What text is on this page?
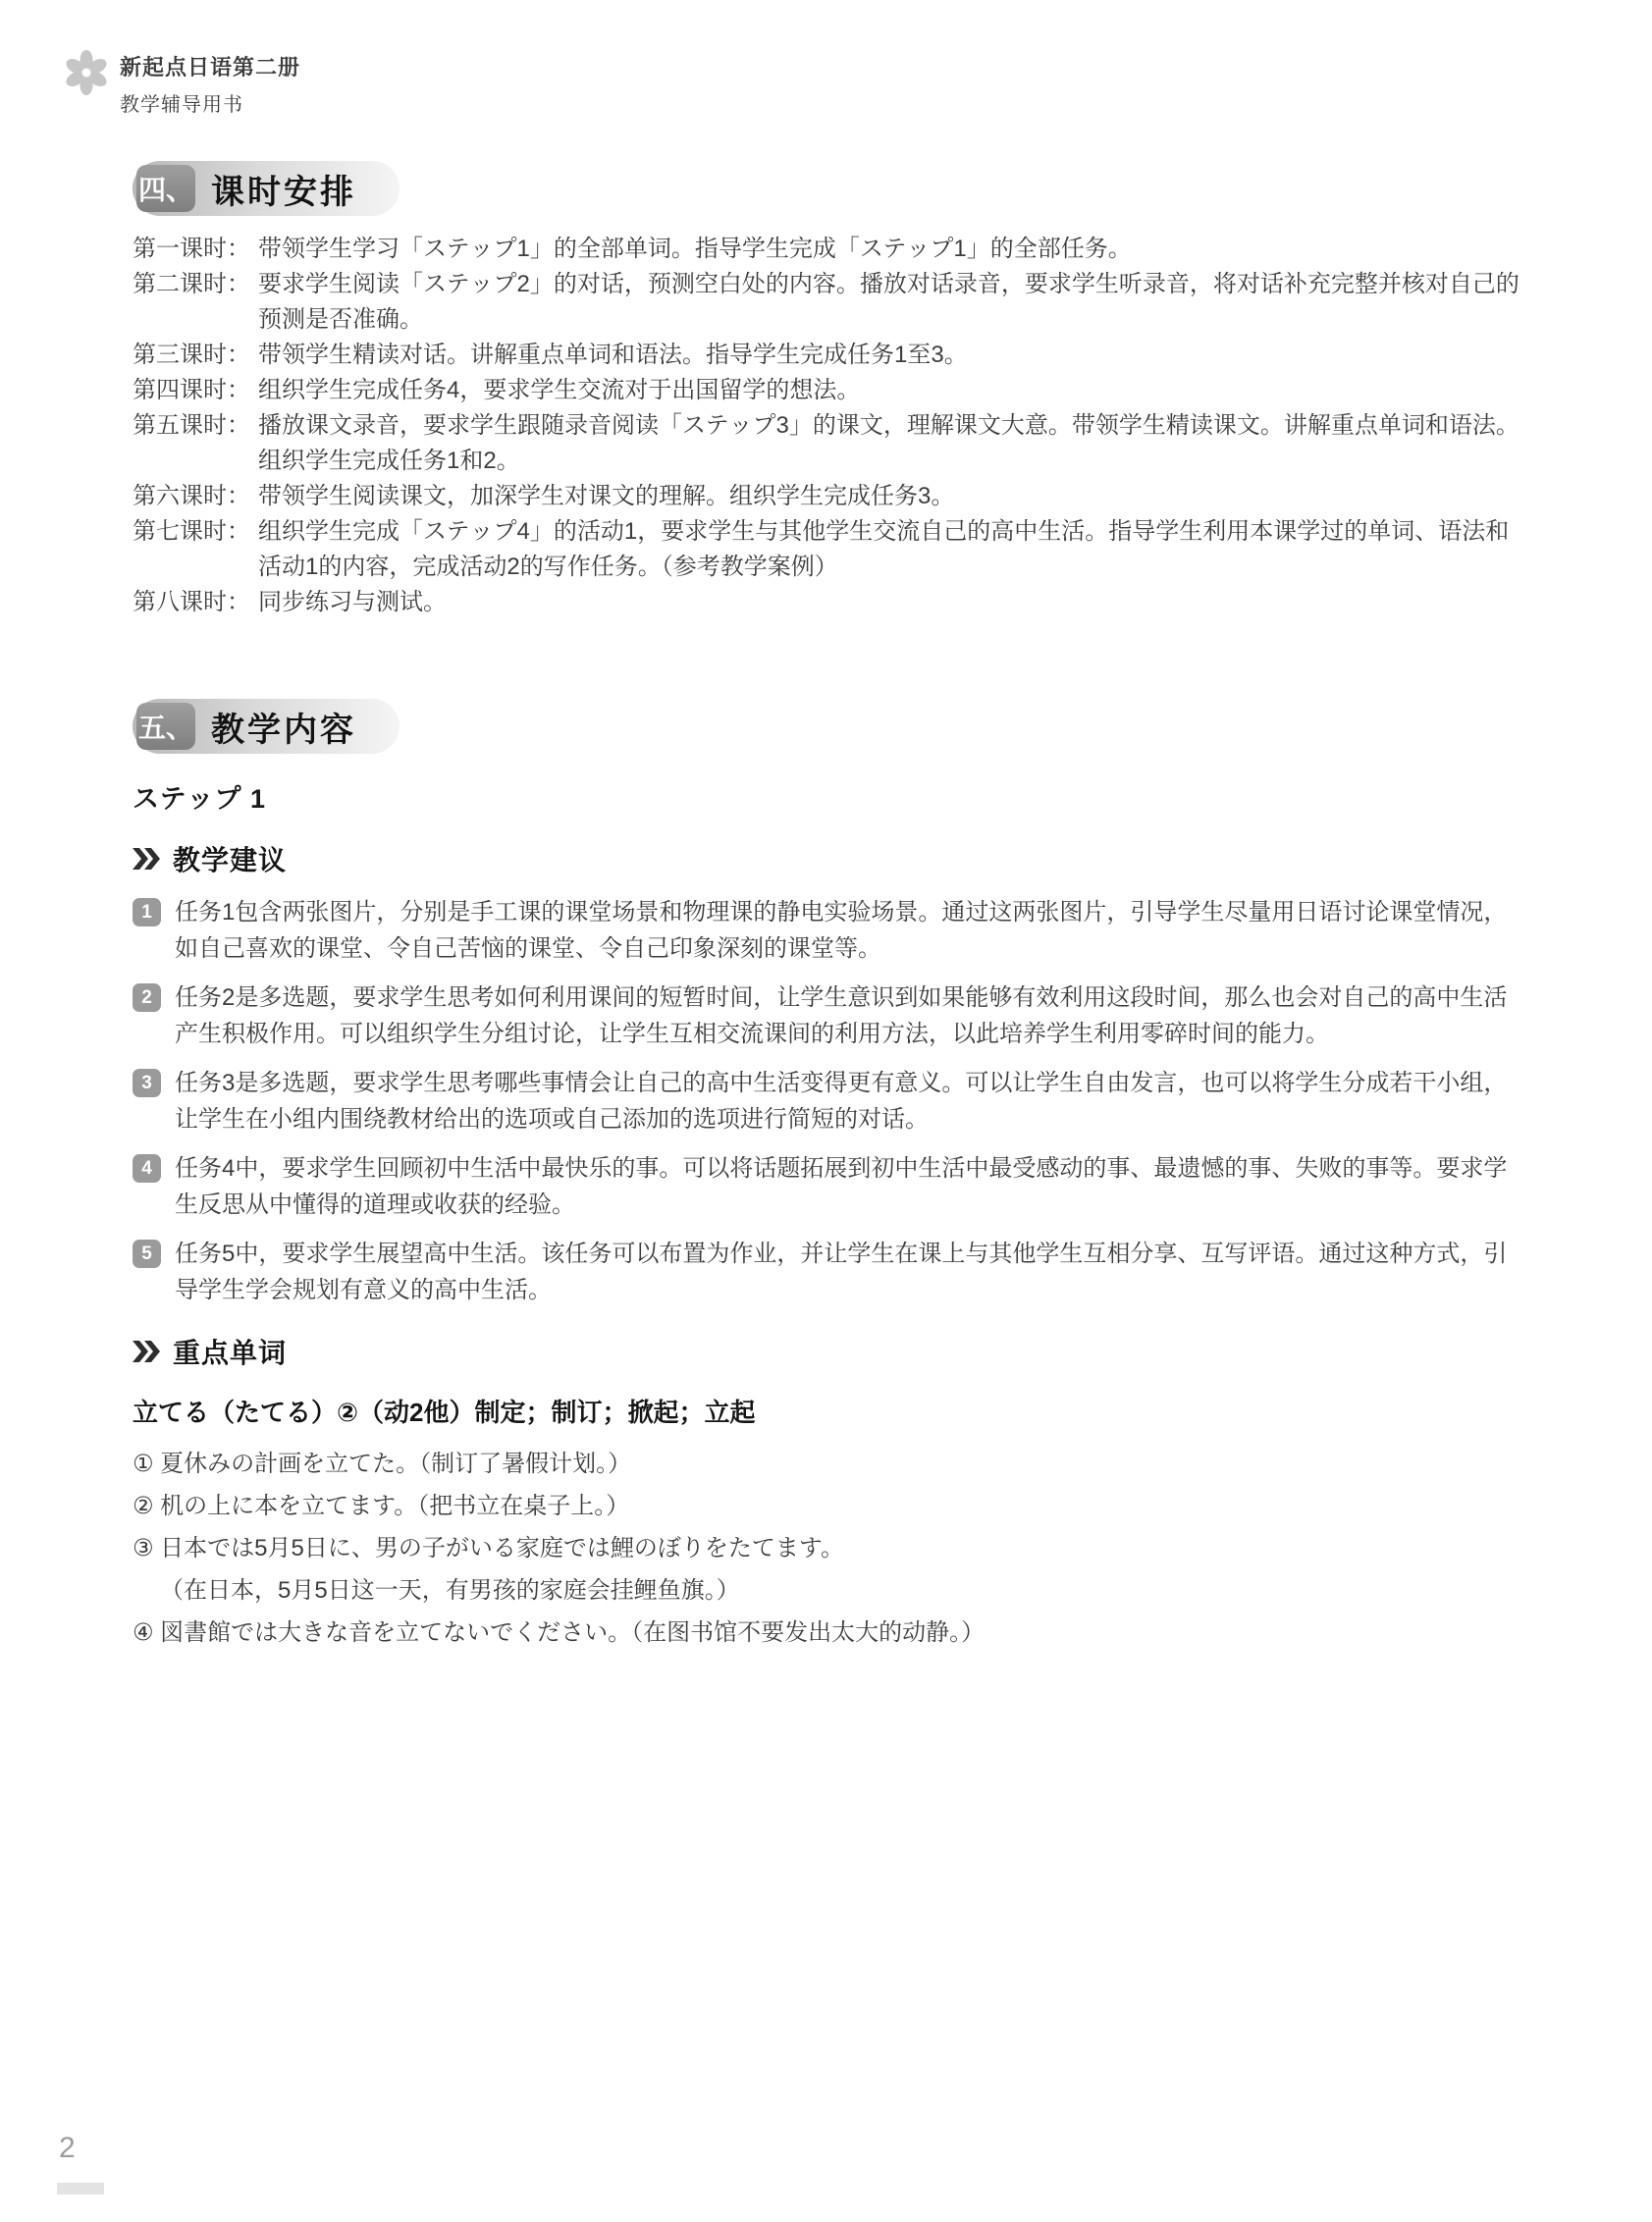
新起点日语第二册
教学辅导用书
四、 课时安排
第一课时： 带领学生学习「ステップ1」的全部单词。指导学生完成「ステップ1」的全部任务。
第二课时： 要求学生阅读「ステップ2」的对话，预测空白处的内容。播放对话录音，要求学生听录音，将对话补充完整并核对自己的预测是否准确。
第三课时： 带领学生精读对话。讲解重点单词和语法。指导学生完成任务1至3。
第四课时： 组织学生完成任务4，要求学生交流对于出国留学的想法。
第五课时： 播放课文录音，要求学生跟随录音阅读「ステップ3」的课文，理解课文大意。带领学生精读课文。讲解重点单词和语法。组织学生完成任务1和2。
第六课时： 带领学生阅读课文，加深学生对课文的理解。组织学生完成任务3。
第七课时： 组织学生完成「ステップ4」的活动1，要求学生与其他学生交流自己的高中生活。指导学生利用本课学过的单词、语法和活动1的内容，完成活动2的写作任务。（参考教学案例）
第八课时： 同步练习与测试。
五、 教学内容
ステップ 1
教学建议
1 任务1包含两张图片，分别是手工课的课堂场景和物理课的静电实验场景。通过这两张图片，引导学生尽量用日语讨论课堂情况，如自己喜欢的课堂、令自己苦恼的课堂、令自己印象深刻的课堂等。
2 任务2是多选题，要求学生思考如何利用课间的短暂时间，让学生意识到如果能够有效利用这段时间，那么也会对自己的高中生活产生积极作用。可以组织学生分组讨论，让学生互相交流课间的利用方法，以此培养学生利用零碎时间的能力。
3 任务3是多选题，要求学生思考哪些事情会让自己的高中生活变得更有意义。可以让学生自由发言，也可以将学生分成若干小组，让学生在小组内围绕教材给出的选项或自己添加的选项进行简短的对话。
4 任务4中，要求学生回顾初中生活中最快乐的事。可以将话题拓展到初中生活中最受感动的事、最遗憾的事、失败的事等。要求学生反思从中懂得的道理或收获的经验。
5 任务5中，要求学生展望高中生活。该任务可以布置为作业，并让学生在课上与其他学生互相分享、互写评语。通过这种方式，引导学生学会规划有意义的高中生活。
重点单词
立てる（たてる）②（动2他）制定；制订；掀起；立起
① 夏休みの計画を立てた。（制订了暑假计划。）
② 机の上に本を立てます。（把书立在桌子上。）
③ 日本では5月5日に、男の子がいる家庭では鯉のぼりをたてます。
（在日本，5月5日这一天，有男孩的家庭会挂鲤鱼旗。）
④ 図書館では大きな音を立てないでください。（在图书馆不要发出太大的动静。）
2
